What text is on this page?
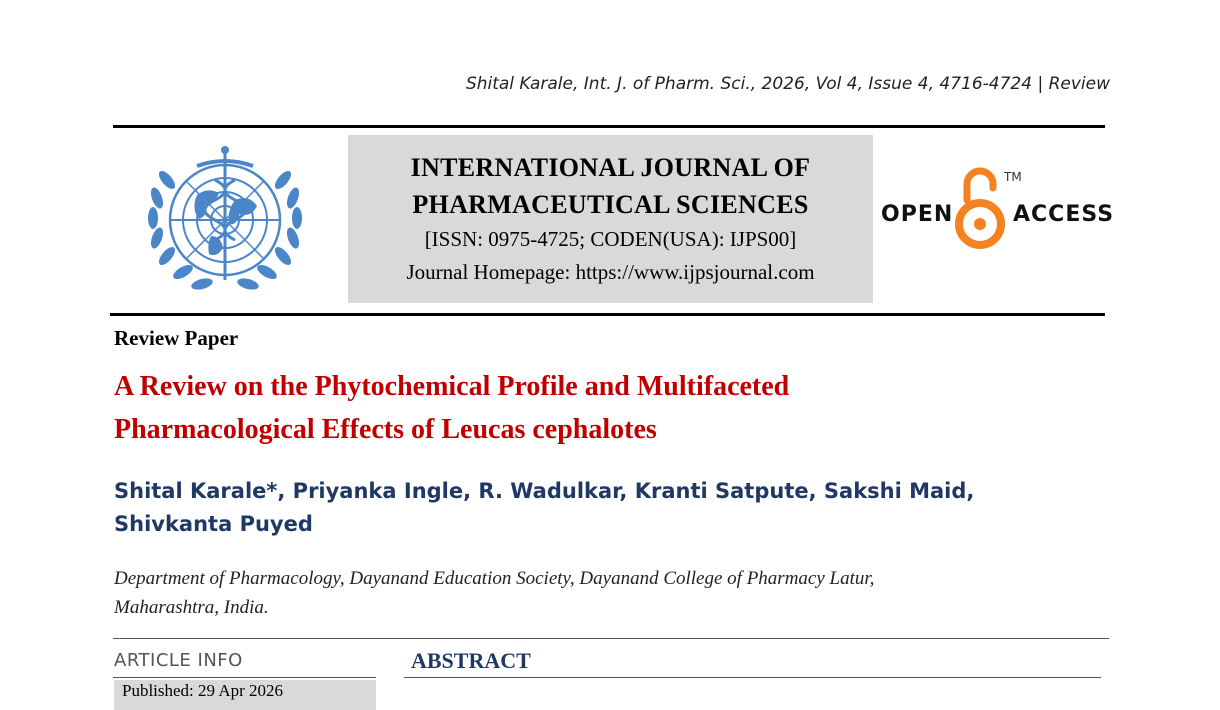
Shital Karale, Int. J. of Pharm. Sci., 2026, Vol 4, Issue 4, 4716-4724 | Review
INTERNATIONAL JOURNAL OF
PHARMACEUTICAL SCIENCES
[ISSN: 0975-4725; CODEN(USA): IJPS00]
Journal Homepage: https://www.ijpsjournal.com
OPEN
TM
ACCESS
Review Paper
A Review on the Phytochemical Profile and Multifaceted
Pharmacological Effects of Leucas cephalotes
Shital Karale*, Priyanka Ingle, R. Wadulkar, Kranti Satpute, Sakshi Maid,
Shivkanta Puyed
Department of Pharmacology, Dayanand Education Society, Dayanand College of Pharmacy Latur,
Maharashtra, India.
ARTICLE INFO	ABSTRACT
Published: 29 Apr 2026
